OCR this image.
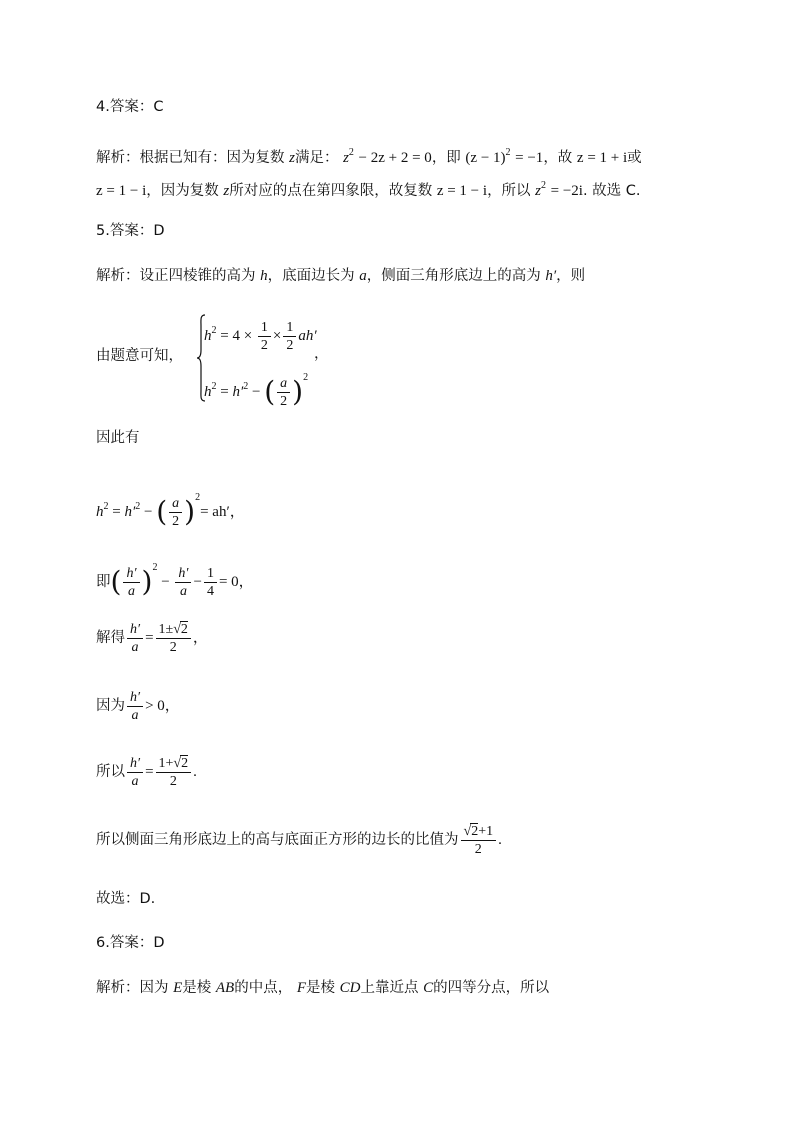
4.答案：C
解析：根据已知有：因为复数 z满足： $z^2 - 2z + 2 = 0$，即 $(z - 1)^2 = -1$，故 z = 1 + i或
z = 1 − i，因为复数 z所对应的点在第四象限，故复数 z = 1 − i，所以 $z^2 = -2i$. 故选 C.
5.答案：D
解析：设正四棱锥的高为 h，底面边长为 a，侧面三角形底边上的高为 h′，则
由题意可知，
$h^2 = 4 \times \frac{1}{2} \times \frac{1}{2} ah'$
$h^2 = h'^2$ − ( $\frac{a}{2} )^2$
，
因此有
$h^2 = h'^2$ − ( $\frac{a}{2} )^2= ah'$，
即( $\frac{h'}{a} )^2 - \frac{h'}{a} - \frac{1}{4} = 0$，
解得 $\frac{h'}{a} = \frac{1\pm√2}{2}$ ，
因为 $\frac{h'}{a} > 0$，
所以 $\frac{h'}{a} = \frac{1+√2}{2}$ .
所以侧面三角形底边上的高与底面正方形的边长的比值为 $\frac{√2+1}{2}$ .
故选：D.
6.答案：D
解析：因为 E是棱 AB的中点， F是棱 CD上靠近点 C的四等分点，所以
